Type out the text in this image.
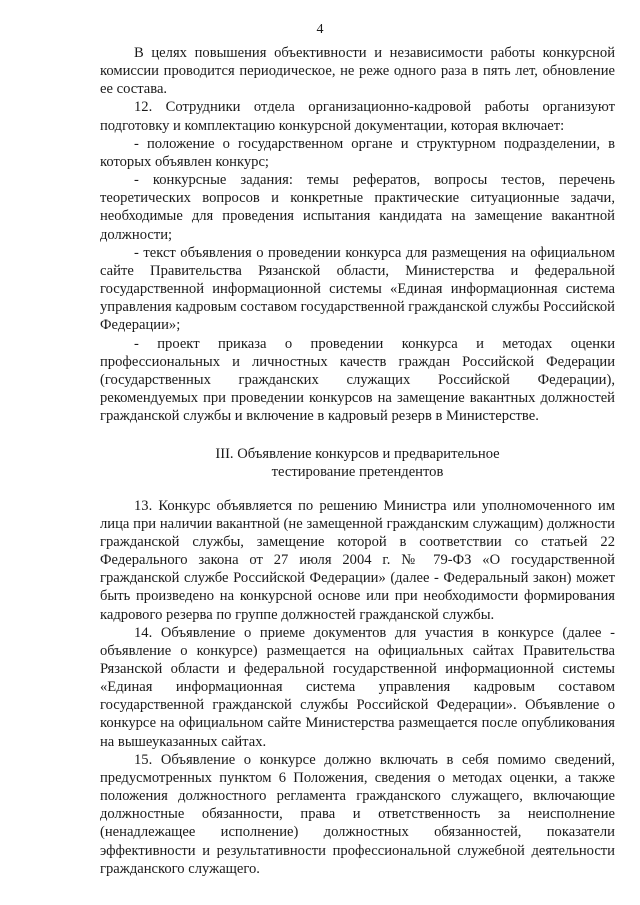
4

В целях повышения объективности и независимости работы конкурсной комиссии проводится периодическое, не реже одного раза в пять лет, обновление ее состава.

12. Сотрудники отдела организационно-кадровой работы организуют подготовку и комплектацию конкурсной документации, которая включает:

- положение о государственном органе и структурном подразделении, в которых объявлен конкурс;

- конкурсные задания: темы рефератов, вопросы тестов, перечень теоретических вопросов и конкретные практические ситуационные задачи, необходимые для проведения испытания кандидата на замещение вакантной должности;

- текст объявления о проведении конкурса для размещения на официальном сайте Правительства Рязанской области, Министерства и федеральной государственной информационной системы «Единая информационная система управления кадровым составом государственной гражданской службы Российской Федерации»;

- проект приказа о проведении конкурса и методах оценки профессиональных и личностных качеств граждан Российской Федерации (государственных гражданских служащих Российской Федерации), рекомендуемых при проведении конкурсов на замещение вакантных должностей гражданской службы и включение в кадровый резерв в Министерстве.

III. Объявление конкурсов и предварительное
тестирование претендентов

13. Конкурс объявляется по решению Министра или уполномоченного им лица при наличии вакантной (не замещенной гражданским служащим) должности гражданской службы, замещение которой в соответствии со статьей 22 Федерального закона от 27 июля 2004 г. № 79-ФЗ «О государственной гражданской службе Российской Федерации» (далее - Федеральный закон) может быть произведено на конкурсной основе или при необходимости формирования кадрового резерва по группе должностей гражданской службы.

14. Объявление о приеме документов для участия в конкурсе (далее - объявление о конкурсе) размещается на официальных сайтах Правительства Рязанской области и федеральной государственной информационной системы «Единая информационная система управления кадровым составом государственной гражданской службы Российской Федерации». Объявление о конкурсе на официальном сайте Министерства размещается после опубликования на вышеуказанных сайтах.

15. Объявление о конкурсе должно включать в себя помимо сведений, предусмотренных пунктом 6 Положения, сведения о методах оценки, а также положения должностного регламента гражданского служащего, включающие должностные обязанности, права и ответственность за неисполнение (ненадлежащее исполнение) должностных обязанностей, показатели эффективности и результативности профессиональной служебной деятельности гражданского служащего.
